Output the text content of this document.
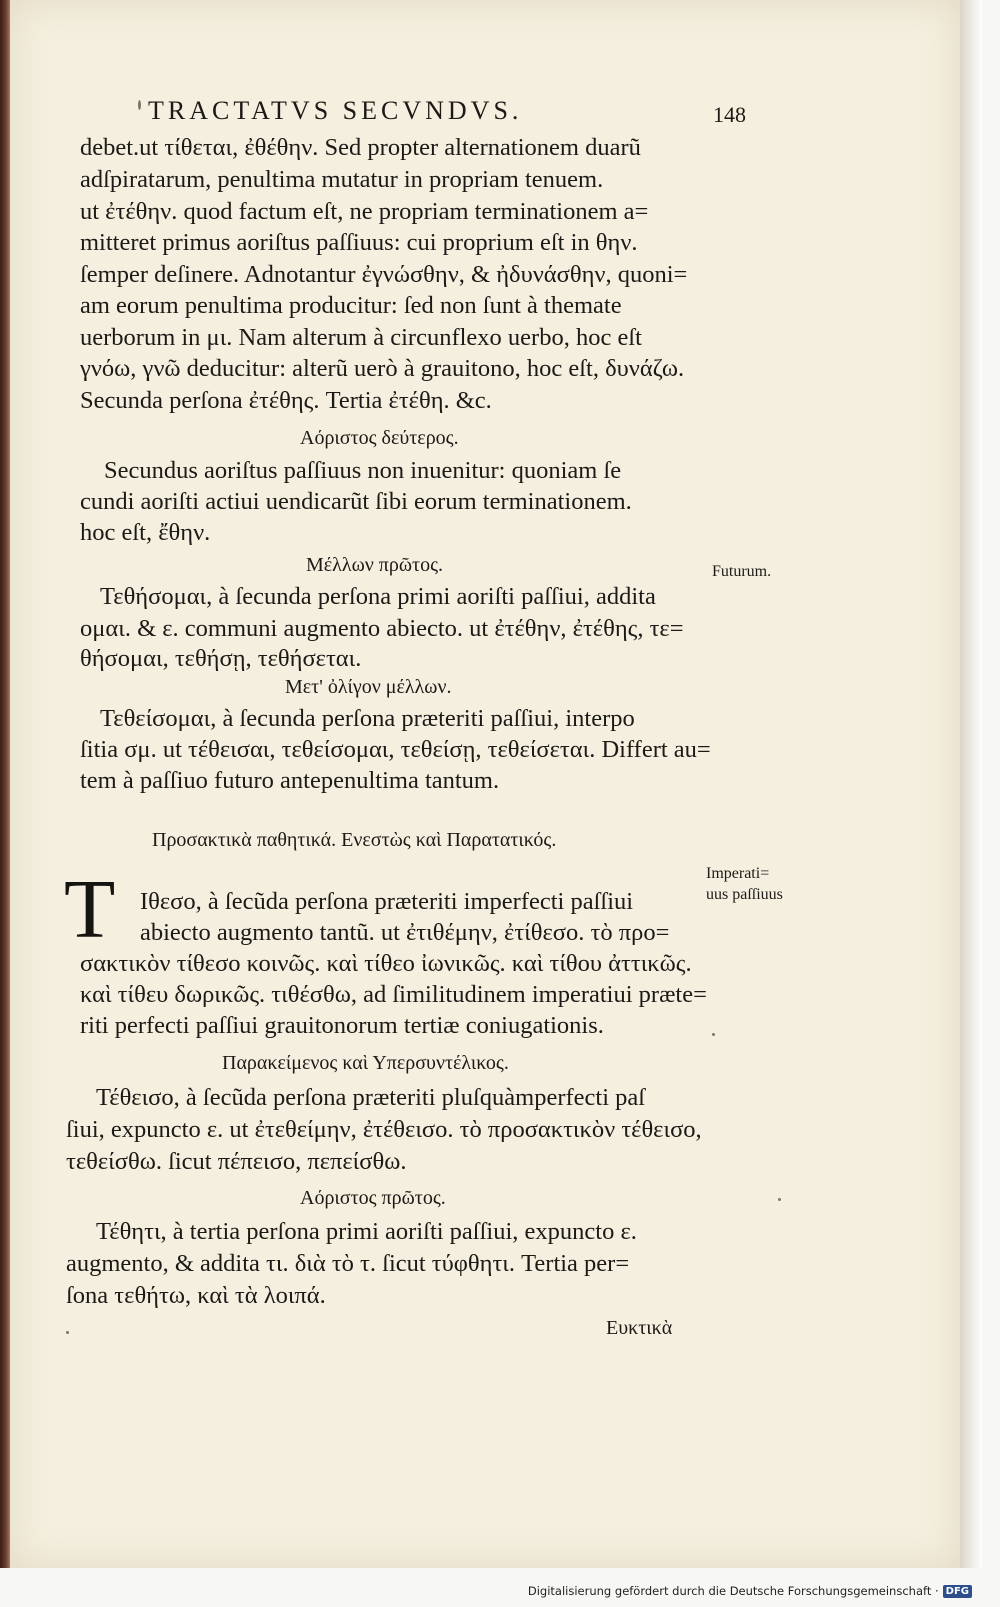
TRACTATVS SECVNDVS.	148
debet.ut τίθεται, ἐθέθην. Sed propter alternationem duarũ
adſpiratarum, penultima mutatur in propriam tenuem.
ut ἐτέθην. quod factum eſt, ne propriam terminationem a=
mitteret primus aoriſtus paſſiuus: cui proprium eſt in θην.
ſemper deſinere. Adnotantur ἐγνώσθην, & ἠδυνάσθην, quoni=
am eorum penultima producitur: ſed non ſunt à themate
uerborum in μι. Nam alterum à circunflexo uerbo, hoc eſt
γνόω, γνῶ deducitur: alterũ uerò à grauitono, hoc eſt, δυνάζω.
Secunda perſona ἐτέθης. Tertia ἐτέθη. &c.
Αόριστος δεύτερος.
Secundus aoriſtus paſſiuus non inuenitur: quoniam ſe
cundi aoriſti actiui uendicarũt ſibi eorum terminationem.
hoc eſt, ἔθην.
Μέλλων πρῶτος.	Futurum.
Τεθήσομαι, à ſecunda perſona primi aoriſti paſſiui, addita
ομαι. & ε. communi augmento abiecto. ut ἐτέθην, ἐτέθης, τε=
θήσομαι, τεθήσῃ, τεθήσεται.
Μετ' ὀλίγον μέλλων.
Τεθείσομαι, à ſecunda perſona præteriti paſſiui, interpo
ſitia σμ. ut τέθεισαι, τεθείσομαι, τεθείσῃ, τεθείσεται. Differt au=
tem à paſſiuo futuro antepenultima tantum.
Προσακτικὰ παθητικά. Ενεστὼς καὶ Παρατατικός.
Imperati=
uus paſſiuus
T Ιθεσο, à ſecũda perſona præteriti imperfecti paſſiui
abiecto augmento tantũ. ut ἐτιθέμην, ἐτίθεσο. τὸ προ=
σακτικὸν τίθεσο κοινῶς. καὶ τίθεο ἰωνικῶς. καὶ τίθου ἀττικῶς.
καὶ τίθευ δωρικῶς. τιθέσθω, ad ſimilitudinem imperatiui præte=
riti perfecti paſſiui grauitonorum tertiæ coniugationis.
Παρακείμενος καὶ Υπερσυντέλικος.
Τέθεισο, à ſecũda perſona præteriti pluſquàmperfecti paſ
ſiui, expuncto ε. ut ἐτεθείμην, ἐτέθεισο. τὸ προσακτικὸν τέθεισο,
τεθείσθω. ſicut πέπεισο, πεπείσθω.
Αόριστος πρῶτος.
Τέθητι, à tertia perſona primi aoriſti paſſiui, expuncto ε.
augmento, & addita τι. διὰ τὸ τ. ſicut τύφθητι. Tertia per=
ſona τεθήτω, καὶ τὰ λοιπά.
Ευκτικὰ
Digitalisierung gefördert durch die Deutsche Forschungsgemeinschaft · DFG
